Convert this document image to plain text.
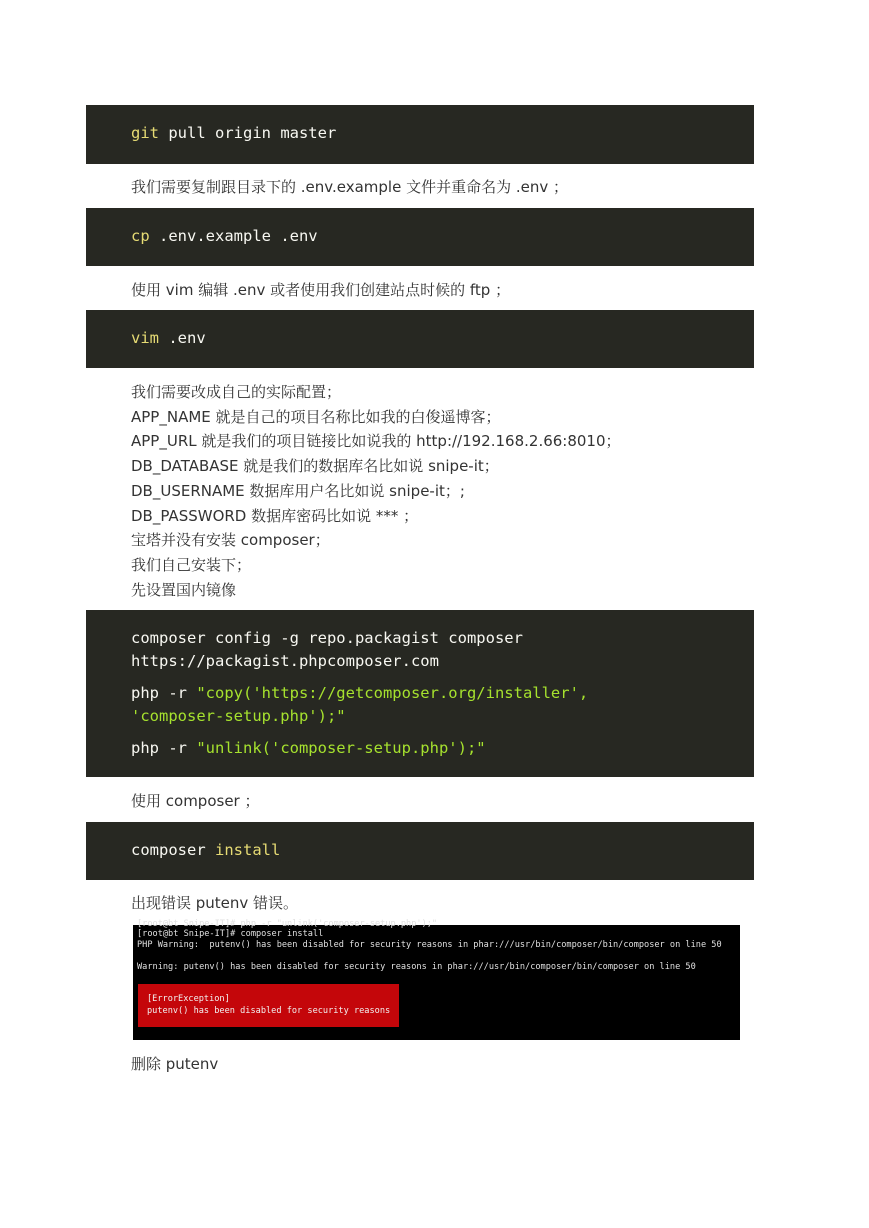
git pull origin master
我们需要复制跟目录下的 .env.example 文件并重命名为 .env ；
cp .env.example .env
使用 vim 编辑 .env 或者使用我们创建站点时候的 ftp ；
vim .env
我们需要改成自己的实际配置；
APP_NAME 就是自己的项目名称比如我的白俊遥博客；
APP_URL 就是我们的项目链接比如说我的 http://192.168.2.66:8010；
DB_DATABASE 就是我们的数据库名比如说 snipe-it；
DB_USERNAME 数据库用户名比如说 snipe-it；;
DB_PASSWORD 数据库密码比如说 *** ；
宝塔并没有安装 composer；
我们自己安装下；
先设置国内镜像
composer config -g repo.packagist composer
https://packagist.phpcomposer.com
php -r "copy('https://getcomposer.org/installer',
'composer-setup.php');"
php -r "unlink('composer-setup.php');"
使用 composer ；
composer install
出现错误 putenv 错误。
[root@bt Snipe-IT]# php -r "unlink('composer-setup.php');"
[root@bt Snipe-IT]# composer install
PHP Warning:  putenv() has been disabled for security reasons in phar:///usr/bin/composer/bin/composer on line 50
Warning: putenv() has been disabled for security reasons in phar:///usr/bin/composer/bin/composer on line 50
[ErrorException]
putenv() has been disabled for security reasons
删除 putenv
